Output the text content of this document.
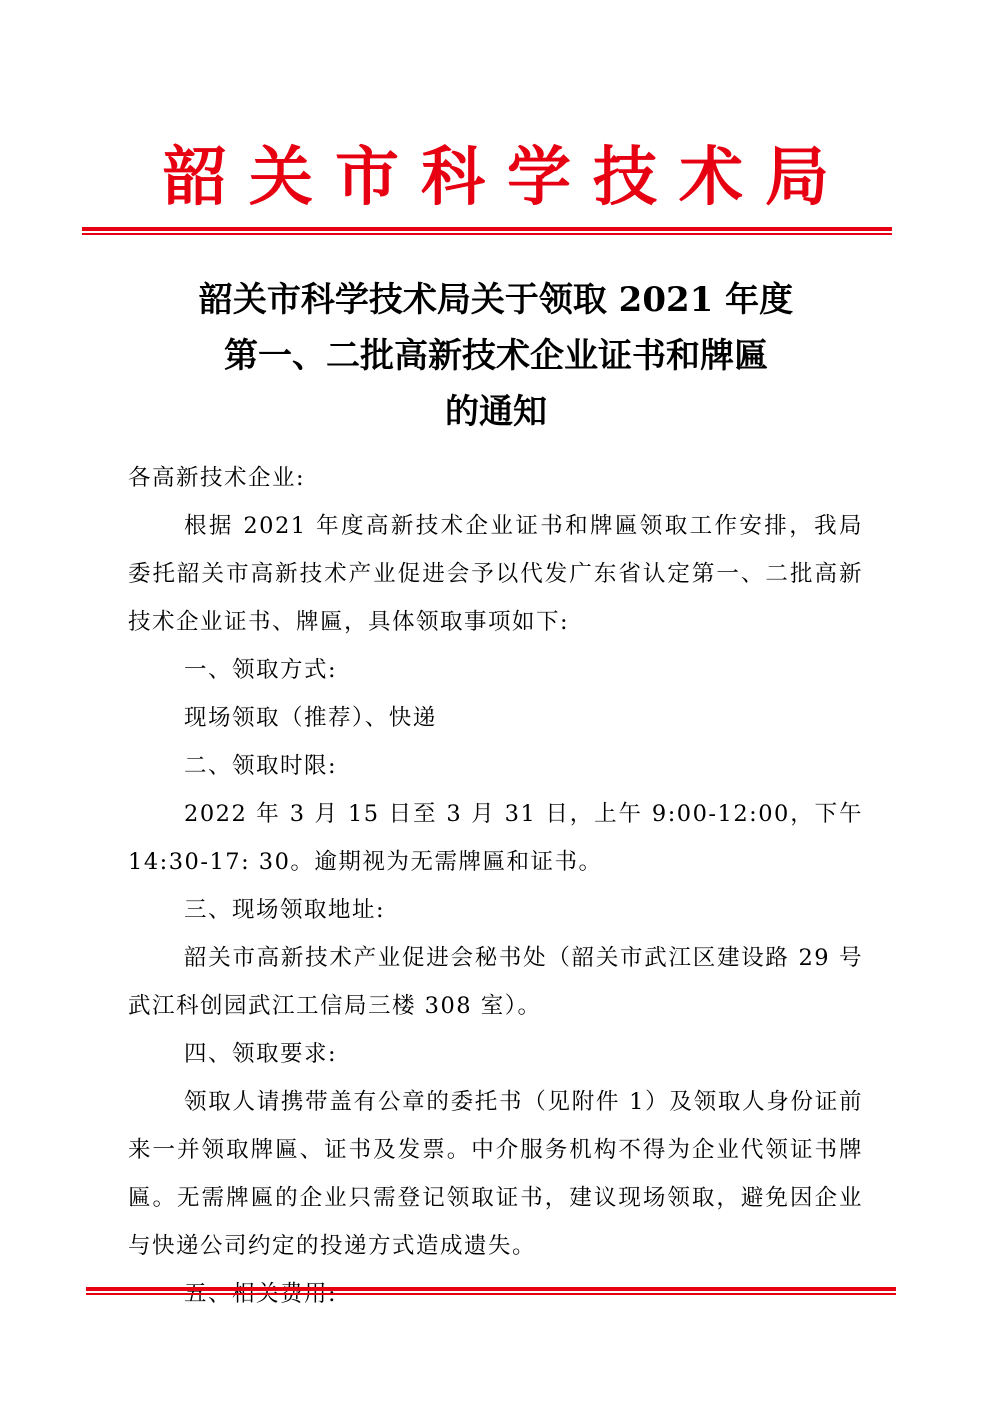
韶关市科学技术局
韶关市科学技术局关于领取 2021 年度
第一、二批高新技术企业证书和牌匾
的通知

各高新技术企业:

根据 2021 年度高新技术企业证书和牌匾领取工作安排，我局委托韶关市高新技术产业促进会予以代发广东省认定第一、二批高新技术企业证书、牌匾，具体领取事项如下:

一、领取方式:

现场领取（推荐）、快递

二、领取时限:

2022 年 3 月 15 日至 3 月 31 日，上午 9:00-12:00，下午 14:30-17: 30。逾期视为无需牌匾和证书。

三、现场领取地址:

韶关市高新技术产业促进会秘书处（韶关市武江区建设路 29 号武江科创园武江工信局三楼 308 室）。

四、领取要求:

领取人请携带盖有公章的委托书（见附件 1）及领取人身份证前来一并领取牌匾、证书及发票。中介服务机构不得为企业代领证书牌匾。无需牌匾的企业只需登记领取证书，建议现场领取，避免因企业与快递公司约定的投递方式造成遗失。
